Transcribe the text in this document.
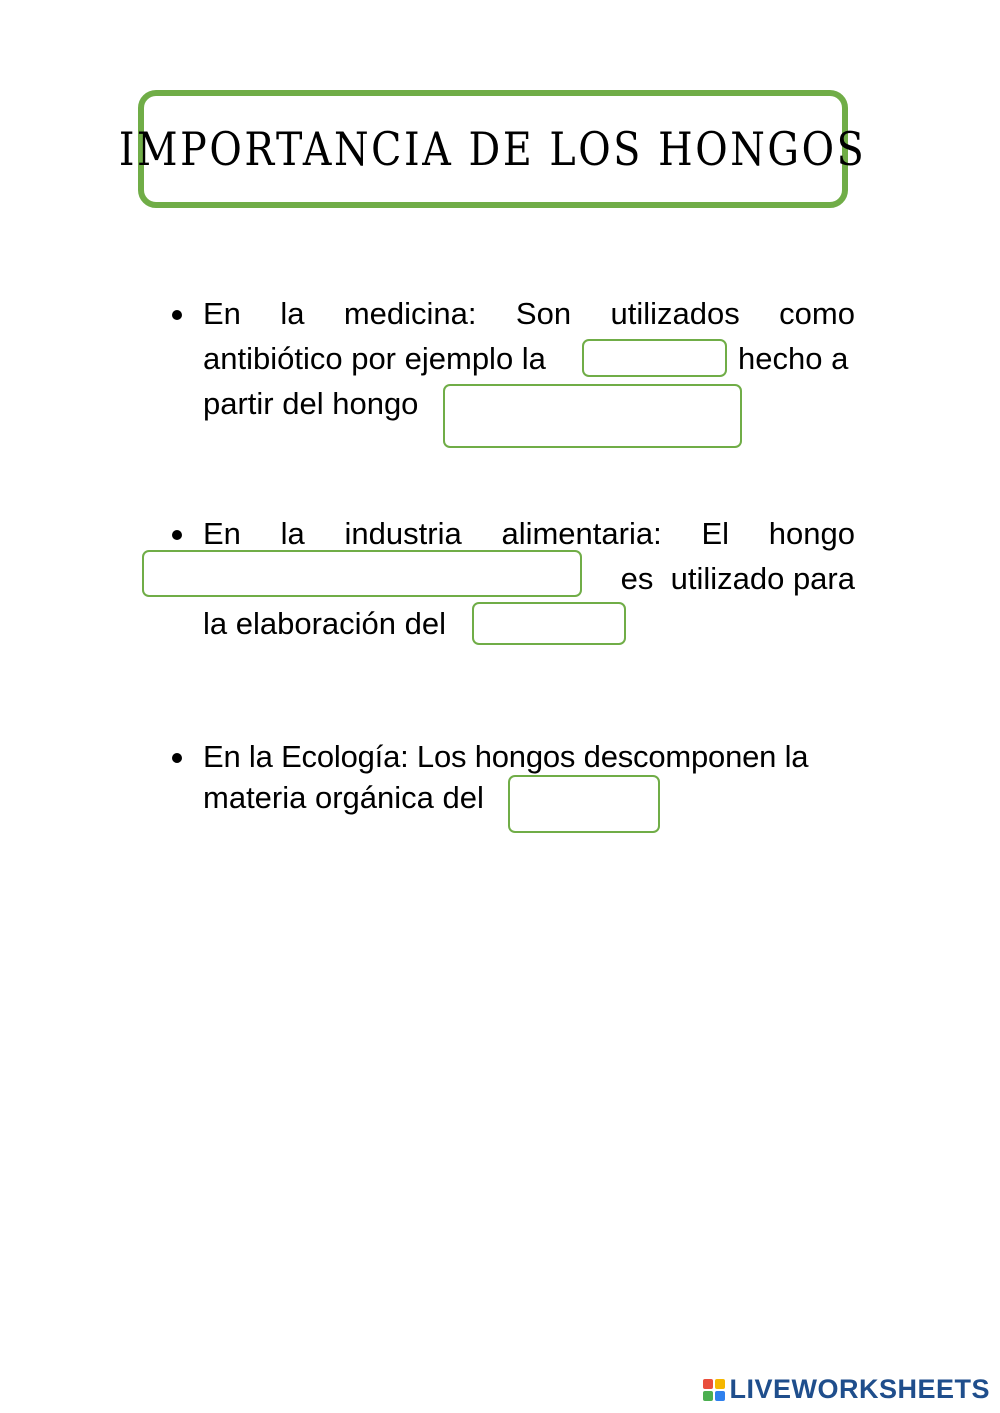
IMPORTANCIA DE LOS HONGOS
En la medicina: Son utilizados como
antibiótico por ejemplo la	hecho a
partir del hongo
En la industria alimentaria: El hongo
es  utilizado para
la elaboración del
En la Ecología: Los hongos descomponen la
materia orgánica del
LIVEWORKSHEETS
